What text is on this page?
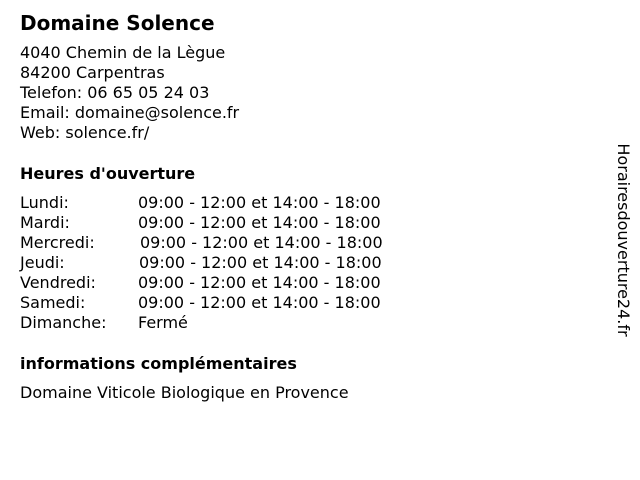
Domaine Solence
4040 Chemin de la Lègue
84200 Carpentras
Telefon: 06 65 05 24 03
Email: domaine@solence.fr
Web: solence.fr/
Heures d'ouverture
Lundi:	09:00 - 12:00 et 14:00 - 18:00
Mardi:	09:00 - 12:00 et 14:00 - 18:00
Mercredi:	09:00 - 12:00 et 14:00 - 18:00
Jeudi:	09:00 - 12:00 et 14:00 - 18:00
Vendredi:	09:00 - 12:00 et 14:00 - 18:00
Samedi:	09:00 - 12:00 et 14:00 - 18:00
Dimanche: Fermé
informations complémentaires
Domaine Viticole Biologique en Provence
Horairesdouverture24.fr
